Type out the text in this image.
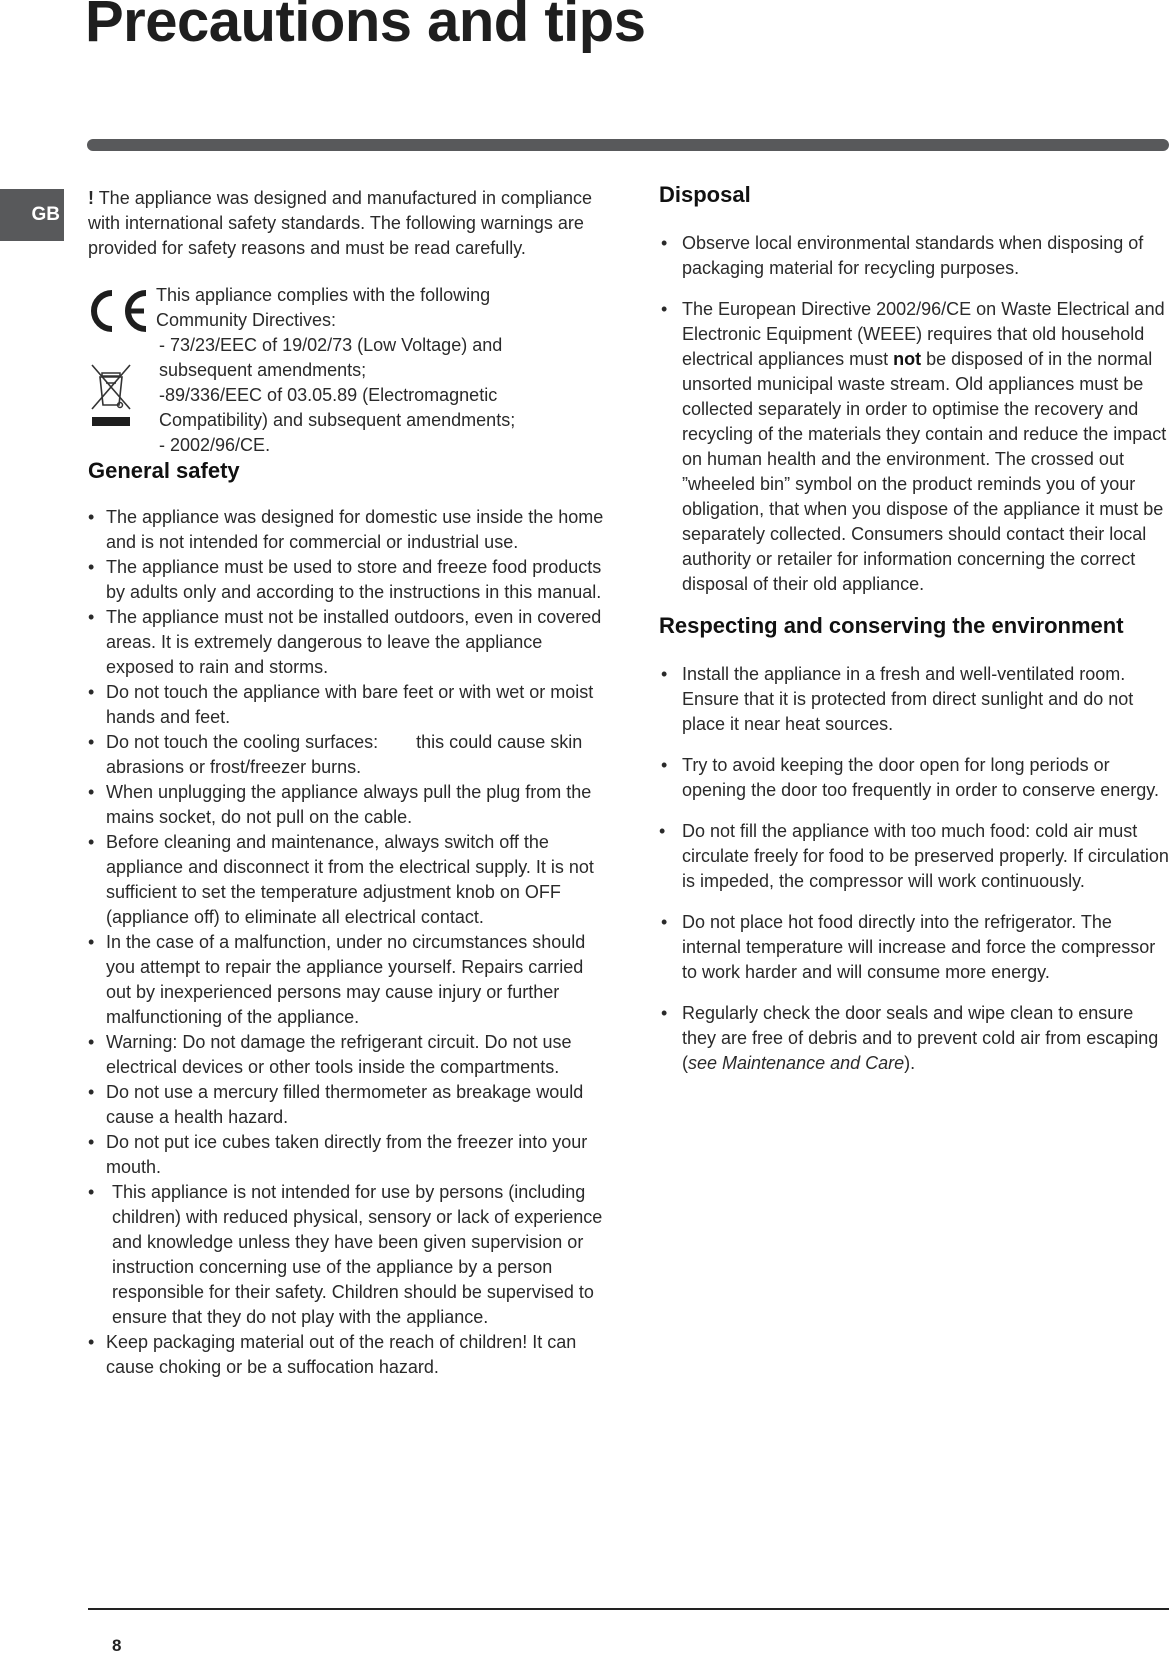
Precautions and tips
GB

! The appliance was designed and manufactured in compliance with international safety standards. The following warnings are provided for safety reasons and must be read carefully.

This appliance complies with the following
Community Directives:
- 73/23/EEC of 19/02/73 (Low Voltage) and
subsequent amendments;
-89/336/EEC of 03.05.89 (Electromagnetic
Compatibility) and subsequent amendments;
- 2002/96/CE.
General safety
• The appliance was designed for domestic use inside the home and is not intended for commercial or industrial use.
• The appliance must be used to store and freeze food products by adults only and according to the instructions in this manual.
• The appliance must not be installed outdoors, even in covered areas. It is extremely dangerous to leave the appliance exposed to rain and storms.
• Do not touch the appliance with bare feet or with wet or moist hands and feet.
• Do not touch the cooling surfaces: this could cause skin abrasions or frost/freezer burns.
• When unplugging the appliance always pull the plug from the mains socket, do not pull on the cable.
• Before cleaning and maintenance, always switch off the appliance and disconnect it from the electrical supply. It is not sufficient to set the temperature adjustment knob on OFF (appliance off) to eliminate all electrical contact.
• In the case of a malfunction, under no circumstances should you attempt to repair the appliance yourself. Repairs carried out by inexperienced persons may cause injury or further malfunctioning of the appliance.
• Warning: Do not damage the refrigerant circuit. Do not use electrical devices or other tools inside the compartments.
• Do not use a mercury filled thermometer as breakage would cause a health hazard.
• Do not put ice cubes taken directly from the freezer into your mouth.
• This appliance is not intended for use by persons (including children) with reduced physical, sensory or lack of experience and knowledge unless they have been given supervision or instruction concerning use of the appliance by a person responsible for their safety. Children should be supervised to ensure that they do not play with the appliance.
• Keep packaging material out of the reach of children! It can cause choking or be a suffocation hazard.
Disposal
• Observe local environmental standards when disposing of packaging material for recycling purposes.
• The European Directive 2002/96/CE on Waste Electrical and Electronic Equipment (WEEE) requires that old household electrical appliances must not be disposed of in the normal unsorted municipal waste stream. Old appliances must be collected separately in order to optimise the recovery and recycling of the materials they contain and reduce the impact on human health and the environment. The crossed out ”wheeled bin” symbol on the product reminds you of your obligation, that when you dispose of the appliance it must be separately collected. Consumers should contact their local authority or retailer for information concerning the correct disposal of their old appliance.
Respecting and conserving the environment
• Install the appliance in a fresh and well-ventilated room. Ensure that it is protected from direct sunlight and do not place it near heat sources.
• Try to avoid keeping the door open for long periods or opening the door too frequently in order to conserve energy.
• Do not fill the appliance with too much food: cold air must circulate freely for food to be preserved properly. If circulation is impeded, the compressor will work continuously.
• Do not place hot food directly into the refrigerator. The internal temperature will increase and force the compressor to work harder and will consume more energy.
• Regularly check the door seals and wipe clean to ensure they are free of debris and to prevent cold air from escaping (see Maintenance and Care).
8
